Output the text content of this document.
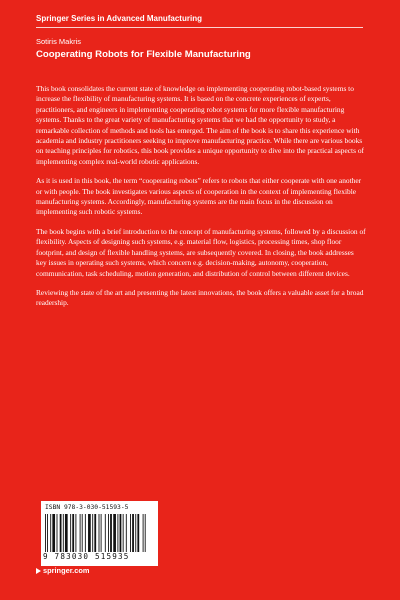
Springer Series in Advanced Manufacturing
Sotiris Makris
Cooperating Robots for Flexible Manufacturing

This book consolidates the current state of knowledge on implementing cooperating robot-based systems to increase the flexibility of manufacturing systems. It is based on the concrete experiences of experts, practitioners, and engineers in implementing cooperating robot systems for more flexible manufacturing systems. Thanks to the great variety of manufacturing systems that we had the opportunity to study, a remarkable collection of methods and tools has emerged. The aim of the book is to share this experience with academia and industry practitioners seeking to improve manufacturing practice. While there are various books on teaching principles for robotics, this book provides a unique opportunity to dive into the practical aspects of implementing complex real-world robotic applications.

As it is used in this book, the term “cooperating robots” refers to robots that either cooperate with one another or with people. The book investigates various aspects of cooperation in the context of implementing flexible manufacturing systems. Accordingly, manufacturing systems are the main focus in the discussion on implementing such robotic systems.

The book begins with a brief introduction to the concept of manufacturing systems, followed by a discussion of flexibility. Aspects of designing such systems, e.g. material flow, logistics, processing times, shop floor footprint, and design of flexible handling systems, are subsequently covered. In closing, the book addresses key issues in operating such systems, which concern e.g. decision-making, autonomy, cooperation, communication, task scheduling, motion generation, and distribution of control between different devices.

Reviewing the state of the art and presenting the latest innovations, the book offers a valuable asset for a broad readership.

ISBN 978-3-030-51593-5
9 783030 515935
springer.com
